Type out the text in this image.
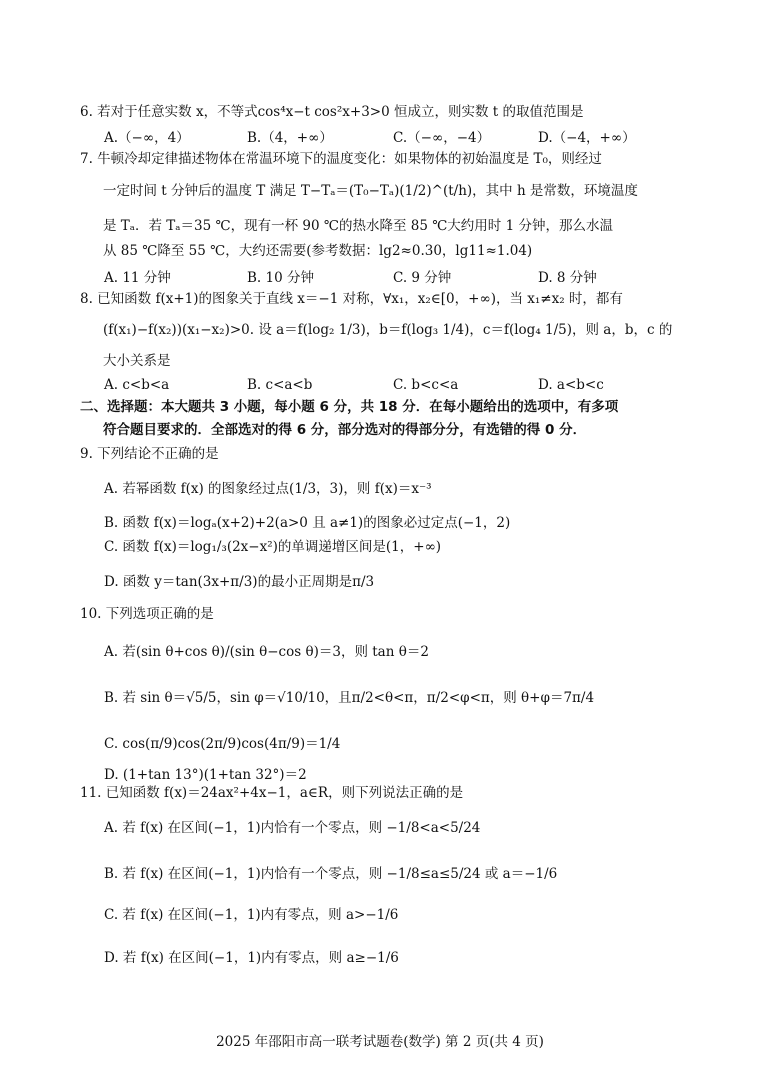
6. 若对于任意实数 x，不等式cos⁴x−t cos²x+3>0 恒成立，则实数 t 的取值范围是
A.（−∞，4）	B.（4，+∞）	C.（−∞，−4）	D.（−4，+∞）
7. 牛顿冷却定律描述物体在常温环境下的温度变化：如果物体的初始温度是 T₀，则经过
一定时间 t 分钟后的温度 T 满足 T−Tₐ＝(T₀−Tₐ)(1/2)^(t/h)，其中 h 是常数，环境温度
是 Tₐ．若 Tₐ＝35 ℃，现有一杯 90 ℃的热水降至 85 ℃大约用时 1 分钟，那么水温
从 85 ℃降至 55 ℃，大约还需要(参考数据：lg2≈0.30，lg11≈1.04)
A. 11 分钟	B. 10 分钟	C. 9 分钟	D. 8 分钟
8. 已知函数 f(x+1)的图象关于直线 x＝−1 对称，∀x₁，x₂∈[0，+∞)，当 x₁≠x₂ 时，都有
(f(x₁)−f(x₂))(x₁−x₂)>0. 设 a＝f(log₂ 1/3)，b＝f(log₃ 1/4)，c＝f(log₄ 1/5)，则 a，b，c 的
大小关系是
A. c<b<a	B. c<a<b	C. b<c<a	D. a<b<c
二、选择题：本大题共 3 小题，每小题 6 分，共 18 分．在每小题给出的选项中，有多项
符合题目要求的．全部选对的得 6 分，部分选对的得部分分，有选错的得 0 分．
9. 下列结论不正确的是
A. 若幂函数 f(x) 的图象经过点(1/3，3)，则 f(x)＝x⁻³
B. 函数 f(x)＝logₐ(x+2)+2(a>0 且 a≠1)的图象必过定点(−1，2)
C. 函数 f(x)＝log₁/₃(2x−x²)的单调递增区间是(1，+∞)
D. 函数 y＝tan(3x+π/3)的最小正周期是π/3
10. 下列选项正确的是
A. 若(sin θ+cos θ)/(sin θ−cos θ)＝3，则 tan θ＝2
B. 若 sin θ＝√5/5，sin φ＝√10/10，且π/2<θ<π，π/2<φ<π，则 θ+φ＝7π/4
C. cos(π/9)cos(2π/9)cos(4π/9)＝1/4
D. (1+tan 13°)(1+tan 32°)＝2
11. 已知函数 f(x)＝24ax²+4x−1，a∈R，则下列说法正确的是
A. 若 f(x) 在区间(−1，1)内恰有一个零点，则 −1/8<a<5/24
B. 若 f(x) 在区间(−1，1)内恰有一个零点，则 −1/8≤a≤5/24 或 a＝−1/6
C. 若 f(x) 在区间(−1，1)内有零点，则 a>−1/6
D. 若 f(x) 在区间(−1，1)内有零点，则 a≥−1/6
2025 年邵阳市高一联考试题卷(数学) 第 2 页(共 4 页)
